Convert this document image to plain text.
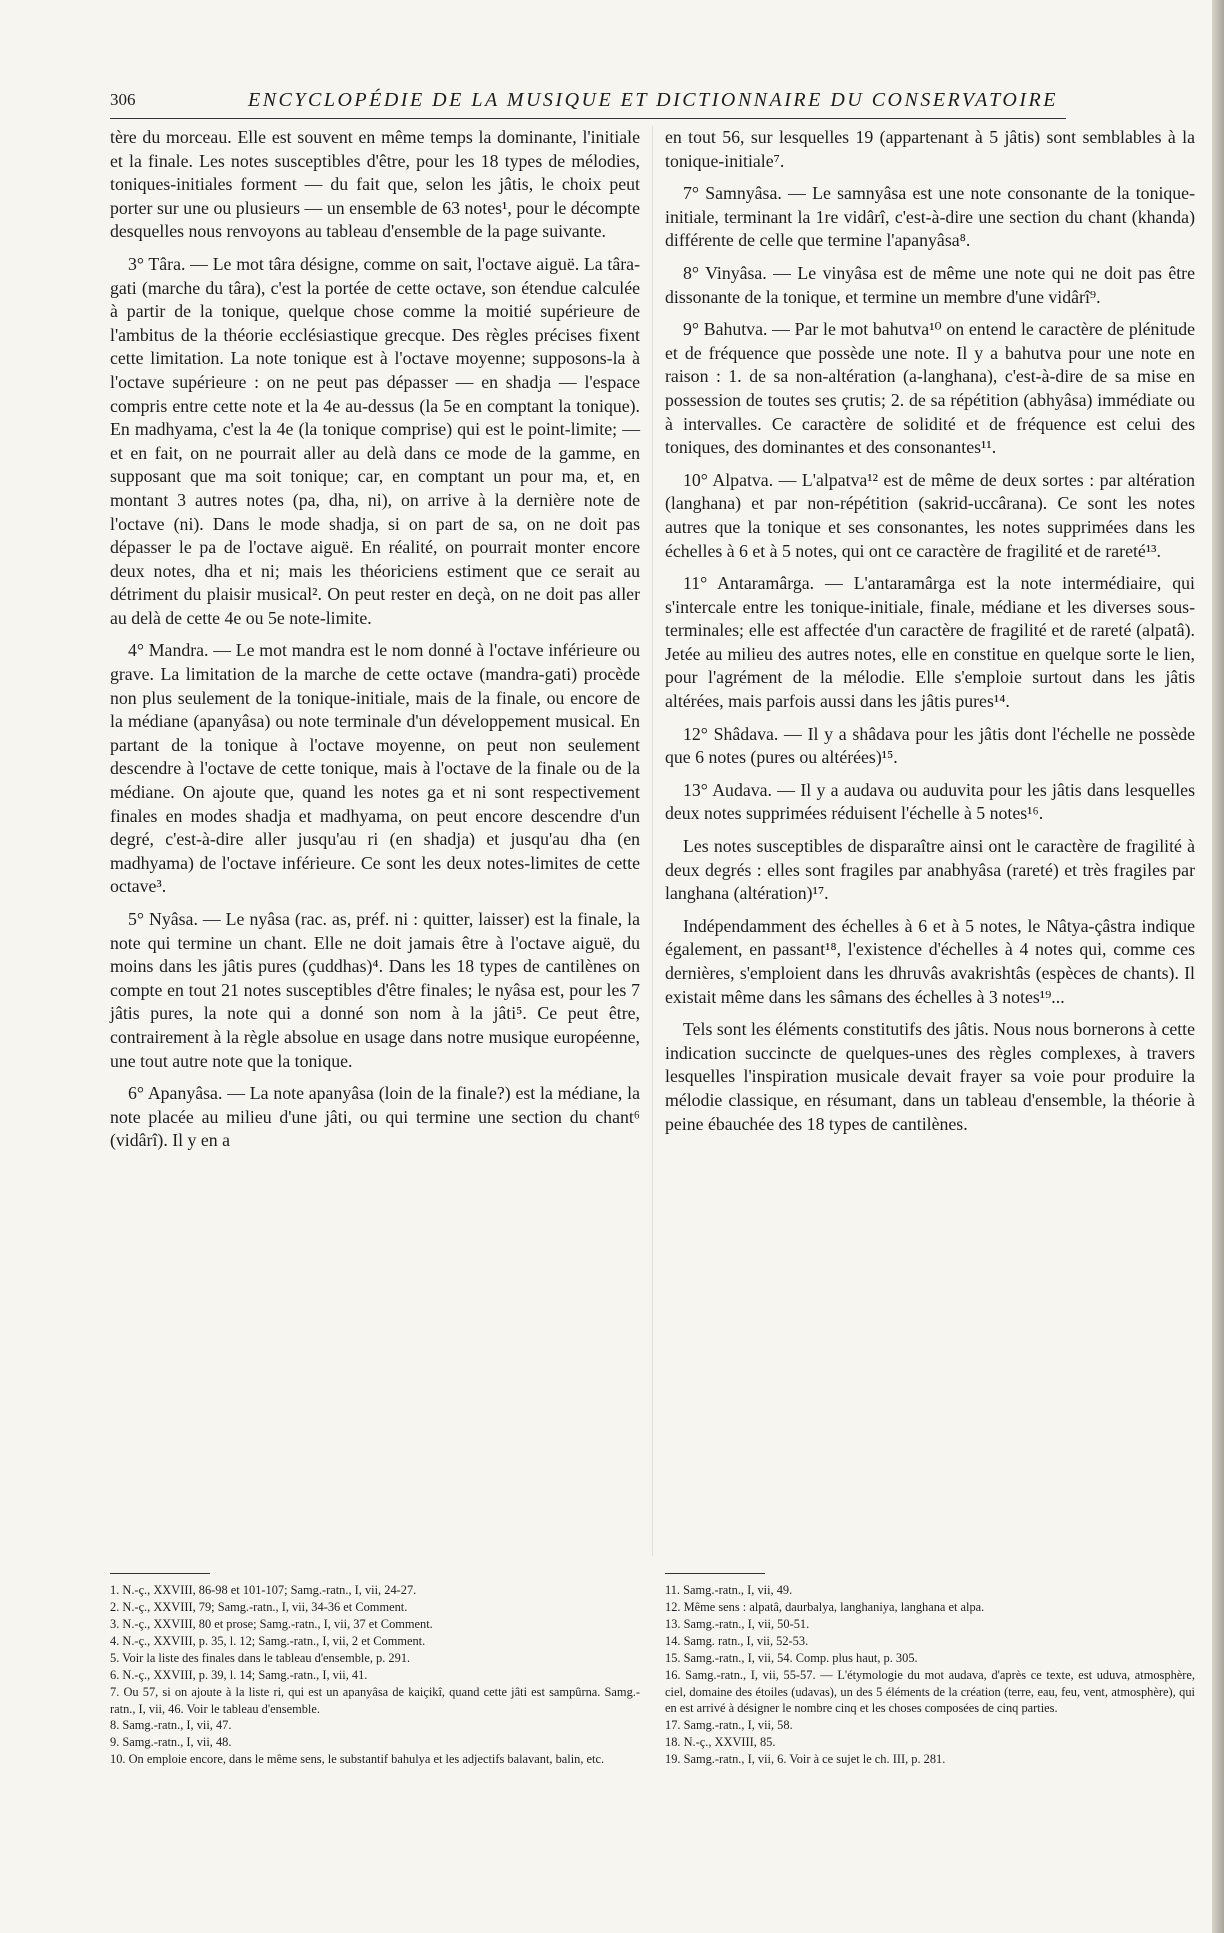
306	ENCYCLOPÉDIE DE LA MUSIQUE ET DICTIONNAIRE DU CONSERVATOIRE

tère du morceau. Elle est souvent en même temps la dominante, l'initiale et la finale. Les notes susceptibles d'être, pour les 18 types de mélodies, toniques-initiales forment — du fait que, selon les jâtis, le choix peut porter sur une ou plusieurs — un ensemble de 63 notes¹, pour le décompte desquelles nous renvoyons au tableau d'ensemble de la page suivante.

3° Târa. — Le mot târa désigne, comme on sait, l'octave aiguë. La târa-gati (marche du târa), c'est la portée de cette octave, son étendue calculée à partir de la tonique, quelque chose comme la moitié supérieure de l'ambitus de la théorie ecclésiastique grecque. Des règles précises fixent cette limitation. La note tonique est à l'octave moyenne; supposons-la à l'octave supérieure : on ne peut pas dépasser — en shadja — l'espace compris entre cette note et la 4e au-dessus (la 5e en comptant la tonique). En madhyama, c'est la 4e (la tonique comprise) qui est le point-limite; — et en fait, on ne pourrait aller au delà dans ce mode de la gamme, en supposant que ma soit tonique; car, en comptant un pour ma, et, en montant 3 autres notes (pa, dha, ni), on arrive à la dernière note de l'octave (ni). Dans le mode shadja, si on part de sa, on ne doit pas dépasser le pa de l'octave aiguë. En réalité, on pourrait monter encore deux notes, dha et ni; mais les théoriciens estiment que ce serait au détriment du plaisir musical². On peut rester en deçà, on ne doit pas aller au delà de cette 4e ou 5e note-limite.

4° Mandra. — Le mot mandra est le nom donné à l'octave inférieure ou grave. La limitation de la marche de cette octave (mandra-gati) procède non plus seulement de la tonique-initiale, mais de la finale, ou encore de la médiane (apanyâsa) ou note terminale d'un développement musical. En partant de la tonique à l'octave moyenne, on peut non seulement descendre à l'octave de cette tonique, mais à l'octave de la finale ou de la médiane. On ajoute que, quand les notes ga et ni sont respectivement finales en modes shadja et madhyama, on peut encore descendre d'un degré, c'est-à-dire aller jusqu'au ri (en shadja) et jusqu'au dha (en madhyama) de l'octave inférieure. Ce sont les deux notes-limites de cette octave³.

5° Nyâsa. — Le nyâsa (rac. as, préf. ni : quitter, laisser) est la finale, la note qui termine un chant. Elle ne doit jamais être à l'octave aiguë, du moins dans les jâtis pures (çuddhas)⁴. Dans les 18 types de cantilènes on compte en tout 21 notes susceptibles d'être finales; le nyâsa est, pour les 7 jâtis pures, la note qui a donné son nom à la jâti⁵. Ce peut être, contrairement à la règle absolue en usage dans notre musique européenne, une tout autre note que la tonique.

6° Apanyâsa. — La note apanyâsa (loin de la finale?) est la médiane, la note placée au milieu d'une jâti, ou qui termine une section du chant⁶ (vidârî). Il y en a

en tout 56, sur lesquelles 19 (appartenant à 5 jâtis) sont semblables à la tonique-initiale⁷.

7° Samnyâsa. — Le samnyâsa est une note consonante de la tonique-initiale, terminant la 1re vidârî, c'est-à-dire une section du chant (khanda) différente de celle que termine l'apanyâsa⁸.

8° Vinyâsa. — Le vinyâsa est de même une note qui ne doit pas être dissonante de la tonique, et termine un membre d'une vidârî⁹.

9° Bahutva. — Par le mot bahutva¹⁰ on entend le caractère de plénitude et de fréquence que possède une note. Il y a bahutva pour une note en raison : 1. de sa non-altération (a-langhana), c'est-à-dire de sa mise en possession de toutes ses çrutis; 2. de sa répétition (abhyâsa) immédiate ou à intervalles. Ce caractère de solidité et de fréquence est celui des toniques, des dominantes et des consonantes¹¹.

10° Alpatva. — L'alpatva¹² est de même de deux sortes : par altération (langhana) et par non-répétition (sakrid-uccârana). Ce sont les notes autres que la tonique et ses consonantes, les notes supprimées dans les échelles à 6 et à 5 notes, qui ont ce caractère de fragilité et de rareté¹³.

11° Antaramârga. — L'antaramârga est la note intermédiaire, qui s'intercale entre les tonique-initiale, finale, médiane et les diverses sous-terminales; elle est affectée d'un caractère de fragilité et de rareté (alpatâ). Jetée au milieu des autres notes, elle en constitue en quelque sorte le lien, pour l'agrément de la mélodie. Elle s'emploie surtout dans les jâtis altérées, mais parfois aussi dans les jâtis pures¹⁴.

12° Shâdava. — Il y a shâdava pour les jâtis dont l'échelle ne possède que 6 notes (pures ou altérées)¹⁵.

13° Audava. — Il y a audava ou auduvita pour les jâtis dans lesquelles deux notes supprimées réduisent l'échelle à 5 notes¹⁶.

Les notes susceptibles de disparaître ainsi ont le caractère de fragilité à deux degrés : elles sont fragiles par anabhyâsa (rareté) et très fragiles par langhana (altération)¹⁷.

Indépendamment des échelles à 6 et à 5 notes, le Nâtya-çâstra indique également, en passant¹⁸, l'existence d'échelles à 4 notes qui, comme ces dernières, s'emploient dans les dhruvâs avakrishtâs (espèces de chants). Il existait même dans les sâmans des échelles à 3 notes¹⁹...

Tels sont les éléments constitutifs des jâtis. Nous nous bornerons à cette indication succincte de quelques-unes des règles complexes, à travers lesquelles l'inspiration musicale devait frayer sa voie pour produire la mélodie classique, en résumant, dans un tableau d'ensemble, la théorie à peine ébauchée des 18 types de cantilènes.

1. N.-ç., XXVIII, 86-98 et 101-107; Samg.-ratn., I, vii, 24-27.
2. N.-ç., XXVIII, 79; Samg.-ratn., I, vii, 34-36 et Comment.
3. N.-ç., XXVIII, 80 et prose; Samg.-ratn., I, vii, 37 et Comment.
4. N.-ç., XXVIII, p. 35, l. 12; Samg.-ratn., I, vii, 2 et Comment.
5. Voir la liste des finales dans le tableau d'ensemble, p. 291.
6. N.-ç., XXVIII, p. 39, l. 14; Samg.-ratn., I, vii, 41.
7. Ou 57, si on ajoute à la liste ri, qui est un apanyâsa de kaiçikî, quand cette jâti est sampûrna. Samg.-ratn., I, vii, 46. Voir le tableau d'ensemble.
8. Samg.-ratn., I, vii, 47.
9. Samg.-ratn., I, vii, 48.
10. On emploie encore, dans le même sens, le substantif bahulya et les adjectifs balavant, balin, etc.
11. Samg.-ratn., I, vii, 49.
12. Même sens : alpatâ, daurbalya, langhaniya, langhana et alpa.
13. Samg.-ratn., I, vii, 50-51.
14. Samg. ratn., I, vii, 52-53.
15. Samg.-ratn., I, vii, 54. Comp. plus haut, p. 305.
16. Samg.-ratn., I, vii, 55-57. — L'étymologie du mot audava, d'après ce texte, est uduva, atmosphère, ciel, domaine des étoiles (udavas), un des 5 éléments de la création (terre, eau, feu, vent, atmosphère), qui en est arrivé à désigner le nombre cinq et les choses composées de cinq parties.
17. Samg.-ratn., I, vii, 58.
18. N.-ç., XXVIII, 85.
19. Samg.-ratn., I, vii, 6. Voir à ce sujet le ch. III, p. 281.
